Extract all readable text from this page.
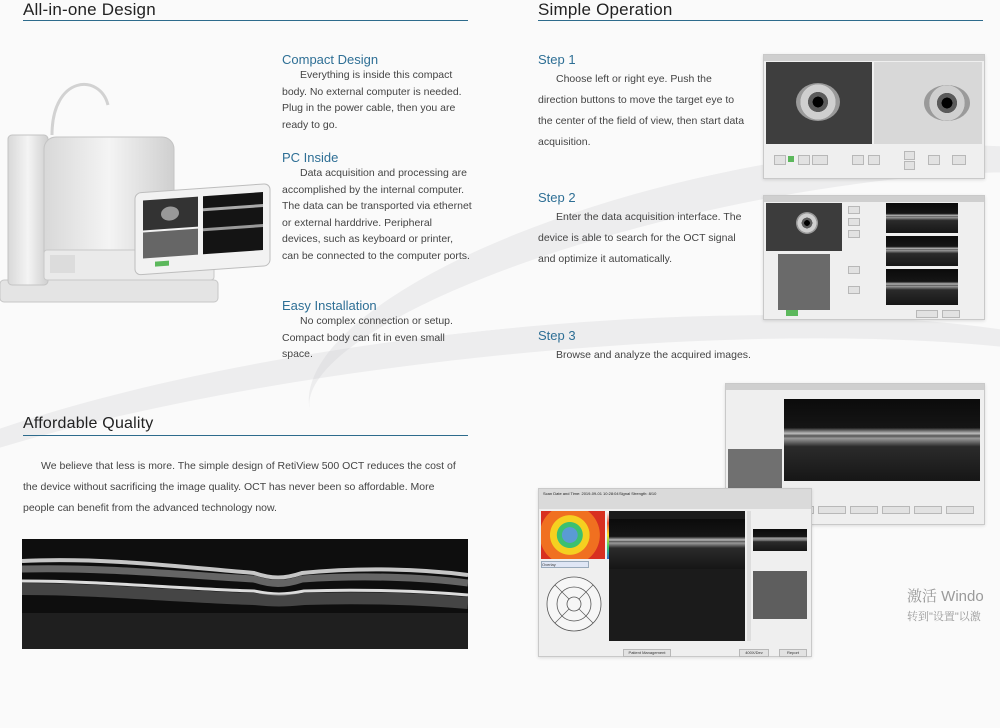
All-in-one Design
Compact Design
Everything is inside this compact body. No external computer is needed. Plug in the power cable, then you are ready to go.
PC Inside
Data acquisition and processing are accomplished by the internal computer. The data can be transported via ethernet or external harddrive. Peripheral devices, such as keyboard or printer, can be connected to the computer ports.
Easy Installation
No complex connection or setup. Compact body can fit in even small space.
Affordable Quality
We believe that less is more. The simple design of RetiView 500 OCT reduces the cost of the device without sacrificing the image quality. OCT has never been so affordable. More people can benefit from the advanced technology now.
Simple Operation
Step 1
Choose left or right eye. Push the direction buttons to move the target eye to the center of the field of view, then start data acquisition.
Step 2
Enter the data acquisition interface. The device is able to search for the OCT signal and optimize it automatically.
Step 3
Browse and analyze the acquired images.
Scan Date and Time: 2019-09-01 10:28:04 Signal Strength: 8/10
Overlay
Patient Management	400X/Dev	Report
激活 Windo
转到"设置"以激
